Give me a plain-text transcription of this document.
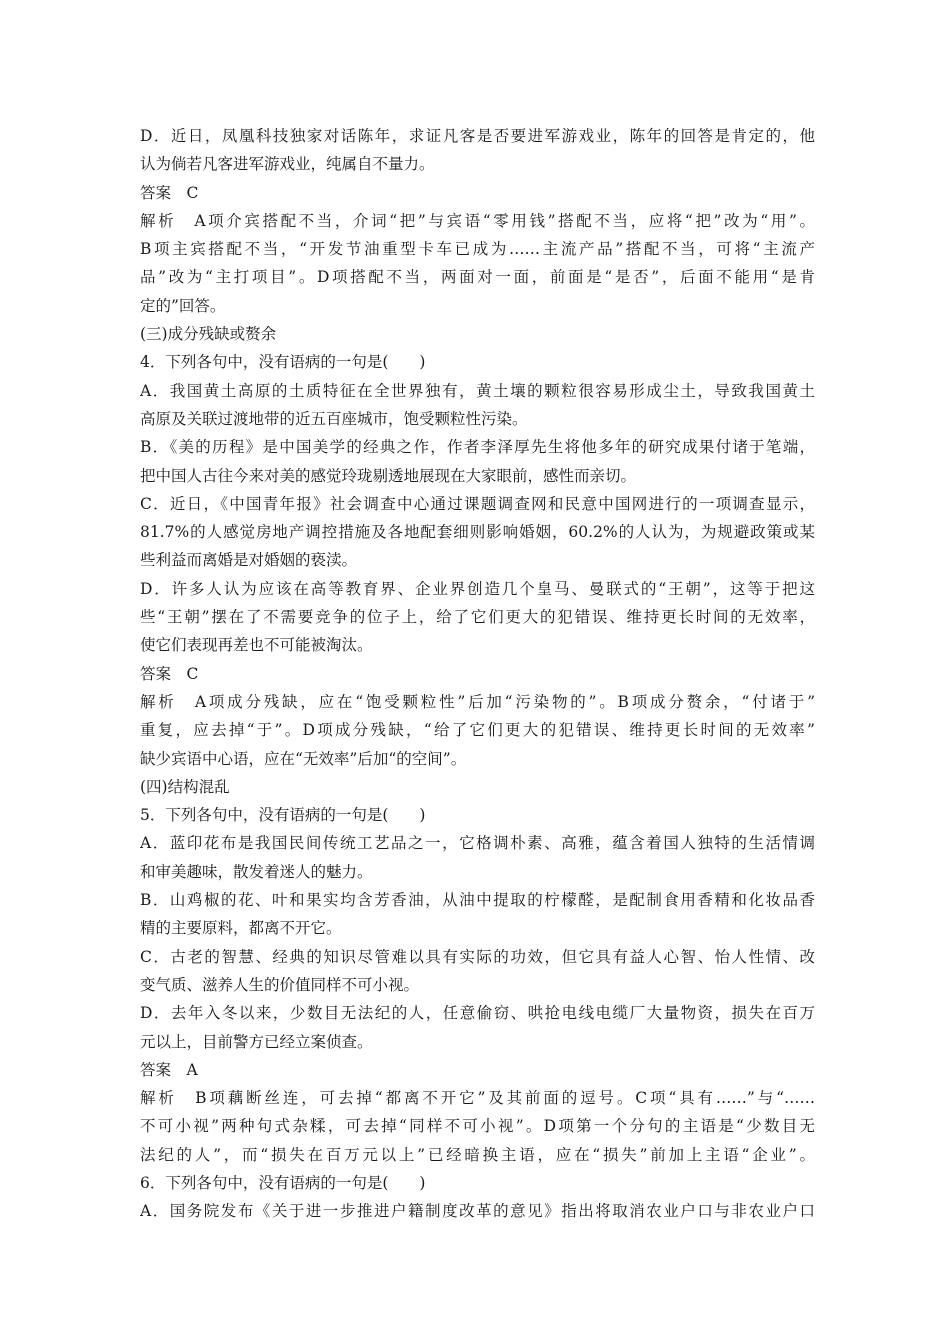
D．近日，凤凰科技独家对话陈年，求证凡客是否要进军游戏业，陈年的回答是肯定的，他
认为倘若凡客进军游戏业，纯属自不量力。
答案　C
解析　A项介宾搭配不当，介词“把”与宾语“零用钱”搭配不当，应将“把”改为“用”。
B项主宾搭配不当，“开发节油重型卡车已成为……主流产品”搭配不当，可将“主流产
品”改为“主打项目”。D项搭配不当，两面对一面，前面是“是否”，后面不能用“是肯
定的”回答。
(三)成分残缺或赘余
4．下列各句中，没有语病的一句是(　　)
A．我国黄土高原的土质特征在全世界独有，黄土壤的颗粒很容易形成尘土，导致我国黄土
高原及关联过渡地带的近五百座城市，饱受颗粒性污染。
B．《美的历程》是中国美学的经典之作，作者李泽厚先生将他多年的研究成果付诸于笔端，
把中国人古往今来对美的感觉玲珑剔透地展现在大家眼前，感性而亲切。
C．近日，《中国青年报》社会调查中心通过课题调查网和民意中国网进行的一项调查显示，
81.7%的人感觉房地产调控措施及各地配套细则影响婚姻，60.2%的人认为，为规避政策或某
些利益而离婚是对婚姻的亵渎。
D．许多人认为应该在高等教育界、企业界创造几个皇马、曼联式的“王朝”，这等于把这
些“王朝”摆在了不需要竞争的位子上，给了它们更大的犯错误、维持更长时间的无效率，
使它们表现再差也不可能被淘汰。
答案　C
解析　A项成分残缺，应在“饱受颗粒性”后加“污染物的”。B项成分赘余，“付诸于”
重复，应去掉“于”。D项成分残缺，“给了它们更大的犯错误、维持更长时间的无效率”
缺少宾语中心语，应在“无效率”后加“的空间”。
(四)结构混乱
5．下列各句中，没有语病的一句是(　　)
A．蓝印花布是我国民间传统工艺品之一，它格调朴素、高雅，蕴含着国人独特的生活情调
和审美趣味，散发着迷人的魅力。
B．山鸡椒的花、叶和果实均含芳香油，从油中提取的柠檬醛，是配制食用香精和化妆品香
精的主要原料，都离不开它。
C．古老的智慧、经典的知识尽管难以具有实际的功效，但它具有益人心智、怡人性情、改
变气质、滋养人生的价值同样不可小视。
D．去年入冬以来，少数目无法纪的人，任意偷窃、哄抢电线电缆厂大量物资，损失在百万
元以上，目前警方已经立案侦查。
答案　A
解析　B项藕断丝连，可去掉“都离不开它”及其前面的逗号。C项“具有……”与“……
不可小视”两种句式杂糅，可去掉“同样不可小视”。D项第一个分句的主语是“少数目无
法纪的人”，而“损失在百万元以上”已经暗换主语，应在“损失”前加上主语“企业”。
6．下列各句中，没有语病的一句是(　　)
A．国务院发布《关于进一步推进户籍制度改革的意见》指出将取消农业户口与非农业户口
